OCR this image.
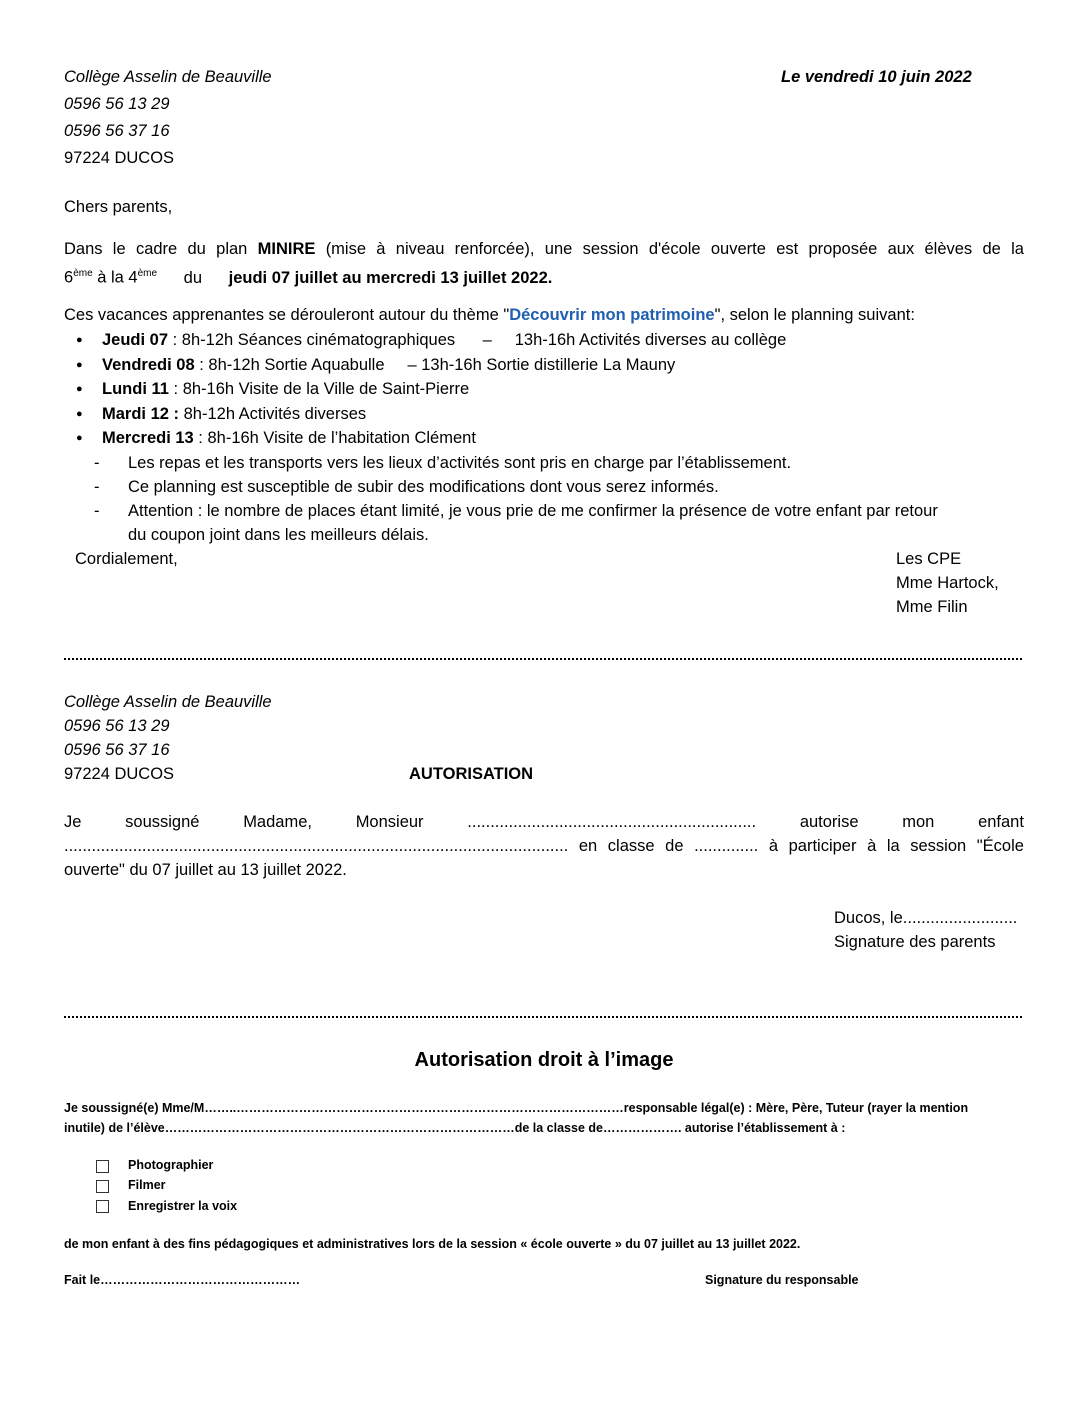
Collège Asselin de Beauville	Le vendredi 10 juin 2022
0596 56 13 29
0596 56 37 16
97224 DUCOS
Chers parents,
Dans le cadre du plan MINIRE (mise à niveau renforcée), une session d'école ouverte est proposée aux élèves de la
6ème à la 4ème du jeudi 07 juillet au mercredi 13 juillet 2022.
Ces vacances apprenantes se dérouleront autour du thème "Découvrir mon patrimoine", selon le planning suivant:
● Jeudi 07 : 8h-12h Séances cinématographiques      –     13h-16h Activités diverses au collège
● Vendredi 08 : 8h-12h Sortie Aquabulle     – 13h-16h Sortie distillerie La Mauny
● Lundi 11 : 8h-16h Visite de la Ville de Saint-Pierre
● Mardi 12 : 8h-12h Activités diverses
● Mercredi 13 : 8h-16h Visite de l’habitation Clément
- Les repas et les transports vers les lieux d’activités sont pris en charge par l’établissement.
- Ce planning est susceptible de subir des modifications dont vous serez informés.
- Attention : le nombre de places étant limité, je vous prie de me confirmer la présence de votre enfant par retour
du coupon joint dans les meilleurs délais.
Cordialement,	Les CPE
Mme Hartock,
Mme Filin
Collège Asselin de Beauville
0596 56 13 29
0596 56 37 16
97224 DUCOS	AUTORISATION
Je	soussigné	Madame,	Monsieur	...............................................................	autorise	mon	enfant
.............................................................................................................. en classe de .............. à participer à la session "École
ouverte" du 07 juillet au 13 juillet 2022.
Ducos, le.........................
Signature des parents
Autorisation droit à l’image
Je soussigné(e) Mme/M……..…………………………………………………………………………………responsable légal(e) : Mère, Père, Tuteur (rayer la mention
inutile) de l’élève…………………………………………………………………………de la classe de………………. autorise l’établissement à :
Photographier
Filmer
Enregistrer la voix
de mon enfant à des fins pédagogiques et administratives lors de la session « école ouverte » du 07 juillet au 13 juillet 2022.
Fait le…………………………………………	Signature du responsable
